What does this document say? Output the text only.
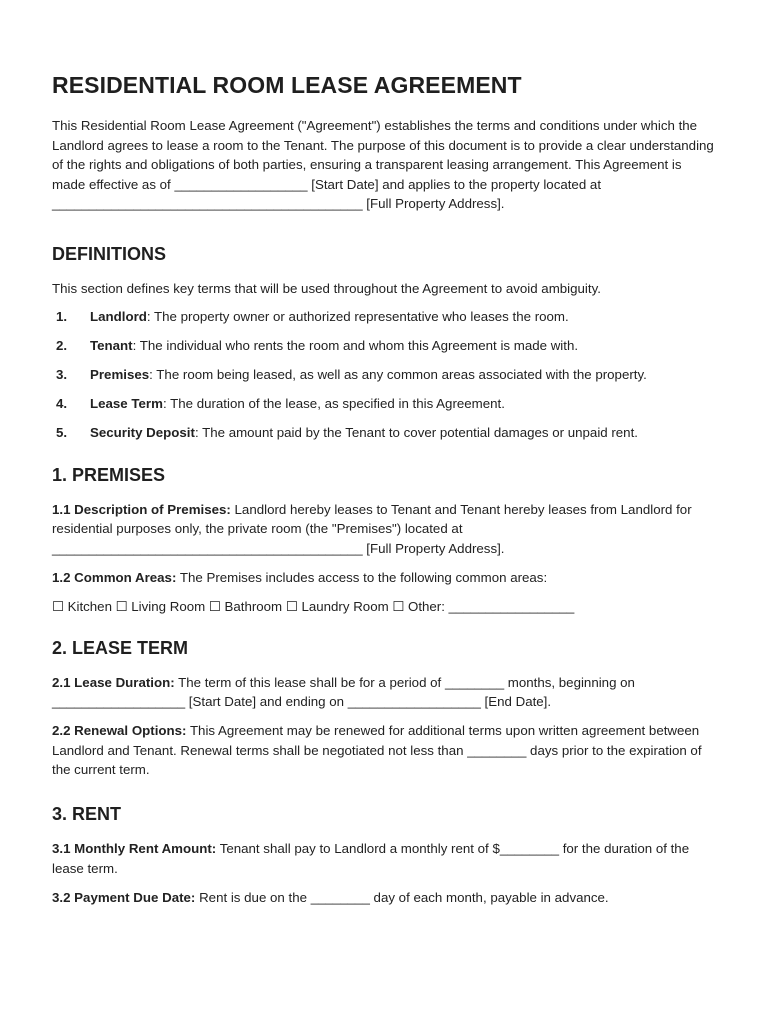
RESIDENTIAL ROOM LEASE AGREEMENT

This Residential Room Lease Agreement ("Agreement") establishes the terms and conditions under which the Landlord agrees to lease a room to the Tenant. The purpose of this document is to provide a clear understanding of the rights and obligations of both parties, ensuring a transparent leasing arrangement. This Agreement is made effective as of __________________ [Start Date] and applies to the property located at __________________________________________ [Full Property Address].

DEFINITIONS

This section defines key terms that will be used throughout the Agreement to avoid ambiguity.

1.	Landlord: The property owner or authorized representative who leases the room.
2.	Tenant: The individual who rents the room and whom this Agreement is made with.
3.	Premises: The room being leased, as well as any common areas associated with the property.
4.	Lease Term: The duration of the lease, as specified in this Agreement.
5.	Security Deposit: The amount paid by the Tenant to cover potential damages or unpaid rent.
1. PREMISES

1.1 Description of Premises: Landlord hereby leases to Tenant and Tenant hereby leases from Landlord for residential purposes only, the private room (the "Premises") located at __________________________________________ [Full Property Address].

1.2 Common Areas: The Premises includes access to the following common areas:

☐ Kitchen ☐ Living Room ☐ Bathroom ☐ Laundry Room ☐ Other: _________________
2. LEASE TERM

2.1 Lease Duration: The term of this lease shall be for a period of ________ months, beginning on __________________ [Start Date] and ending on __________________ [End Date].

2.2 Renewal Options: This Agreement may be renewed for additional terms upon written agreement between Landlord and Tenant. Renewal terms shall be negotiated not less than ________ days prior to the expiration of the current term.

3. RENT

3.1 Monthly Rent Amount: Tenant shall pay to Landlord a monthly rent of $________ for the duration of the lease term.

3.2 Payment Due Date: Rent is due on the ________ day of each month, payable in advance.
